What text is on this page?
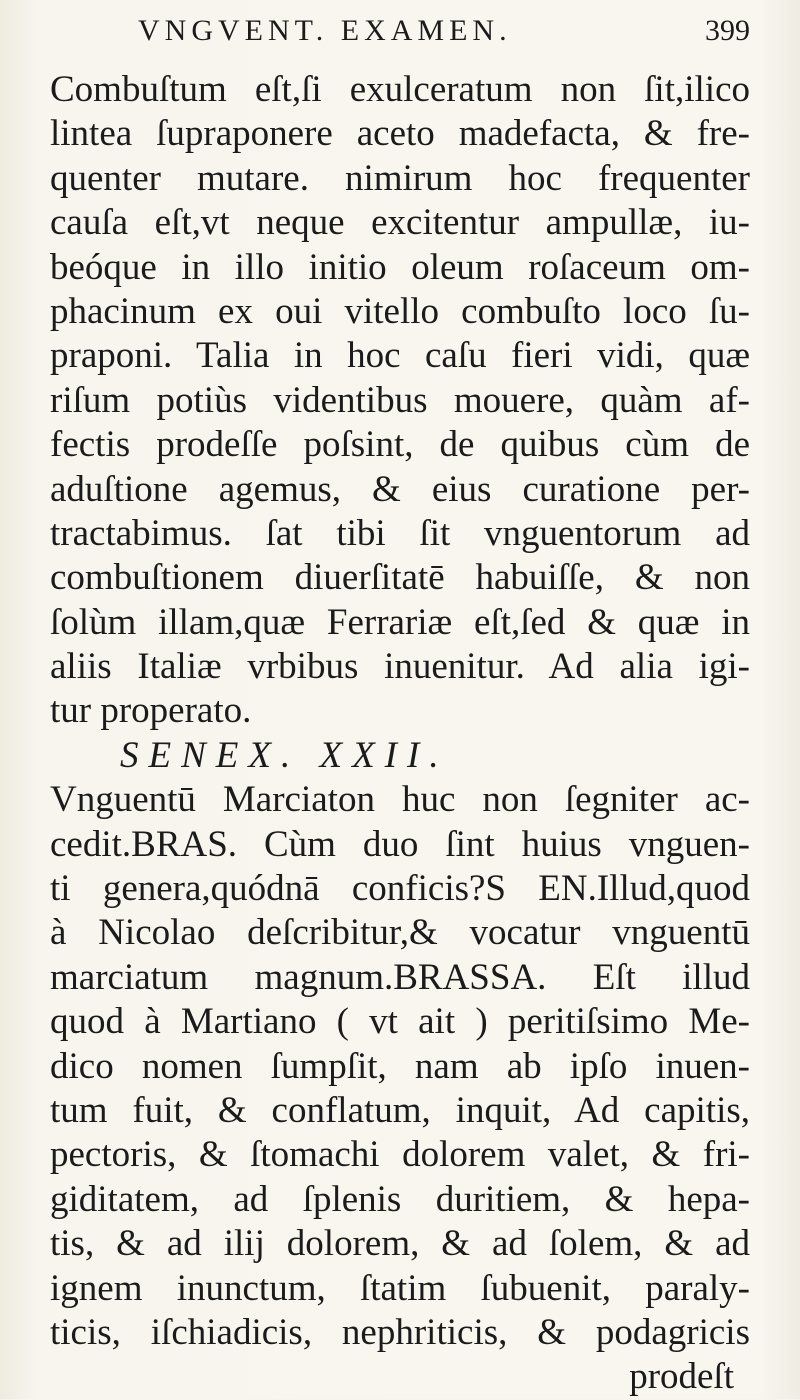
VNGVENT. EXAMEN.	399
Combuſtum eſt,ſi exulceratum non ſit,ilico
lintea ſupraponere aceto madefacta, & fre-
quenter mutare. nimirum hoc frequenter
cauſa eſt,vt neque excitentur ampullæ, iu-
beóque in illo initio oleum roſaceum om-
phacinum ex oui vitello combuſto loco ſu-
praponi. Talia in hoc caſu fieri vidi, quæ
riſum potiùs videntibus mouere, quàm af-
fectis prodeſſe poſsint, de quibus cùm de
aduſtione agemus, & eius curatione per-
tractabimus. ſat tibi ſit vnguentorum ad
combuſtionem diuerſitatē habuiſſe, & non
ſolùm illam,quæ Ferrariæ eſt,ſed & quæ in
aliis Italiæ vrbibus inuenitur. Ad alia igi-
tur properato.
SENEX. XXII.
Vnguentū Marciaton huc non ſegniter ac-
cedit.BRAS. Cùm duo ſint huius vnguen-
ti genera,quódnā conficis?S EN.Illud,quod
à Nicolao deſcribitur,& vocatur vnguentū
marciatum magnum.BRASSA. Eſt illud
quod à Martiano ( vt ait ) peritiſsimo Me-
dico nomen ſumpſit, nam ab ipſo inuen-
tum fuit, & conflatum, inquit, Ad capitis,
pectoris, & ſtomachi dolorem valet, & fri-
giditatem, ad ſplenis duritiem, & hepa-
tis, & ad ilij dolorem, & ad ſolem, & ad
ignem inunctum, ſtatim ſubuenit, paraly-
ticis, iſchiadicis, nephriticis, & podagricis
prodeſt
